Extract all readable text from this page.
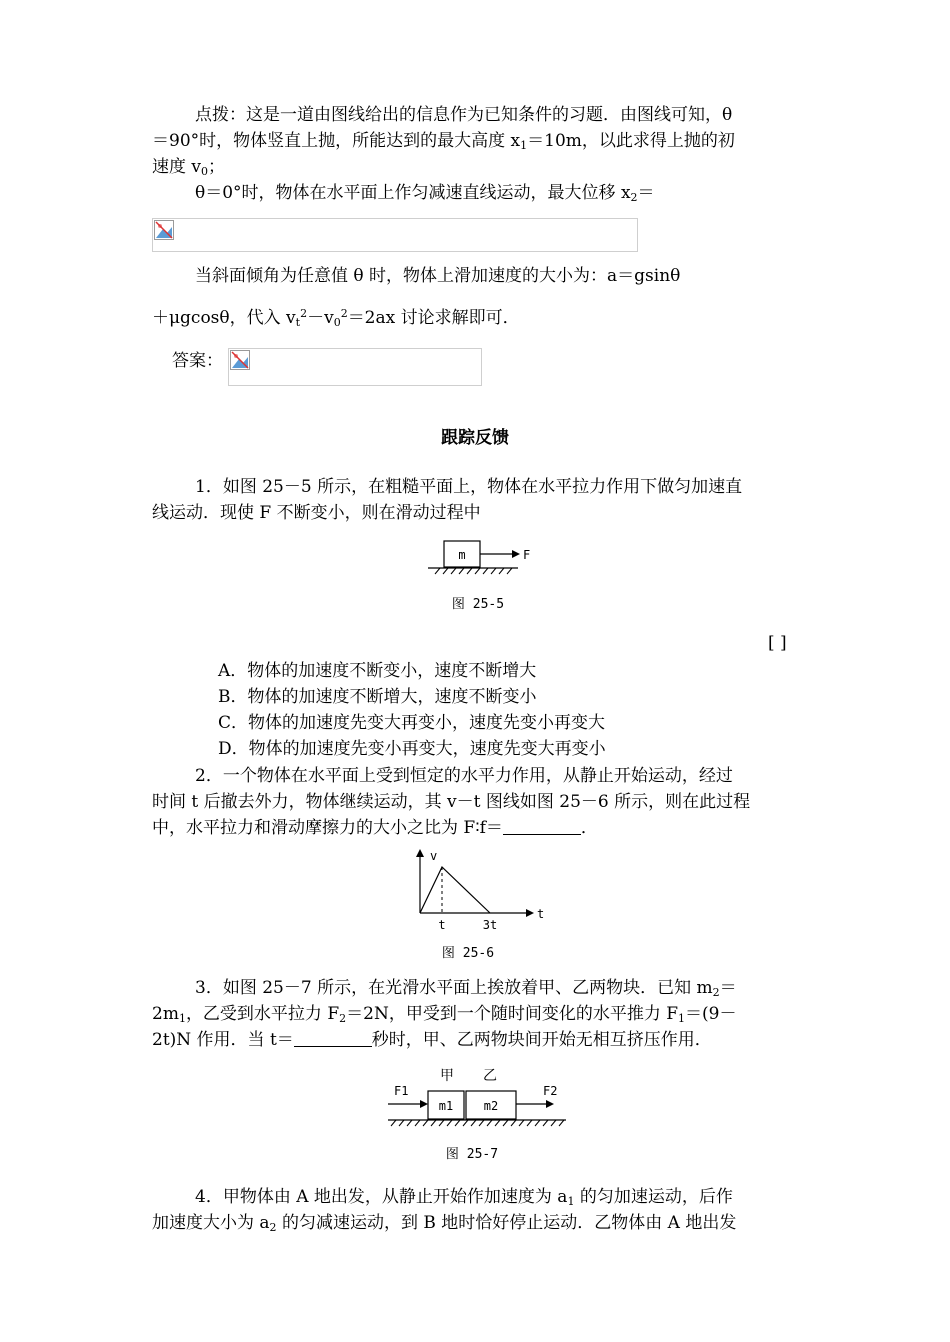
点拨：这是一道由图线给出的信息作为已知条件的习题．由图线可知，θ
＝90°时，物体竖直上抛，所能达到的最大高度 $x_1=10m$，以此求得上抛的初
速度 $v_0$；
θ＝0°时，物体在水平面上作匀减速直线运动，最大位移 $x_2=$
当斜面倾角为任意值 θ 时，物体上滑加速度的大小为：a＝gsinθ
＋μgcosθ，代入 $v_t^2-v_0^2=2ax$ 讨论求解即可．
答案：
跟踪反馈
1．如图 25－5 所示，在粗糙平面上，物体在水平拉力作用下做匀加速直
线运动．现使 F 不断变小，则在滑动过程中
m	F
图 25-5
[ ]
A．物体的加速度不断变小，速度不断增大
B．物体的加速度不断增大，速度不断变小
C．物体的加速度先变大再变小，速度先变小再变大
D．物体的加速度先变小再变大，速度先变大再变小
2．一个物体在水平面上受到恒定的水平力作用，从静止开始运动，经过
时间 t 后撤去外力，物体继续运动，其 v－t 图线如图 25－6 所示，则在此过程
中，水平拉力和滑动摩擦力的大小之比为 F∶f＝	．
v
t
t	3t
图 25-6
3．如图 25－7 所示，在光滑水平面上挨放着甲、乙两物块．已知 $m_2=$
$2m_1$，乙受到水平拉力 $F_2=2N$，甲受到一个随时间变化的水平推力 $F_1=(9-$
2t)N 作用．当 t＝	秒时，甲、乙两物块间开始无相互挤压作用．
甲 乙
F1	F2
m1	m2
图 25-7
4．甲物体由 A 地出发，从静止开始作加速度为 $a_1$ 的匀加速运动，后作
加速度大小为 $a_2$ 的匀减速运动，到 B 地时恰好停止运动．乙物体由 A 地出发
